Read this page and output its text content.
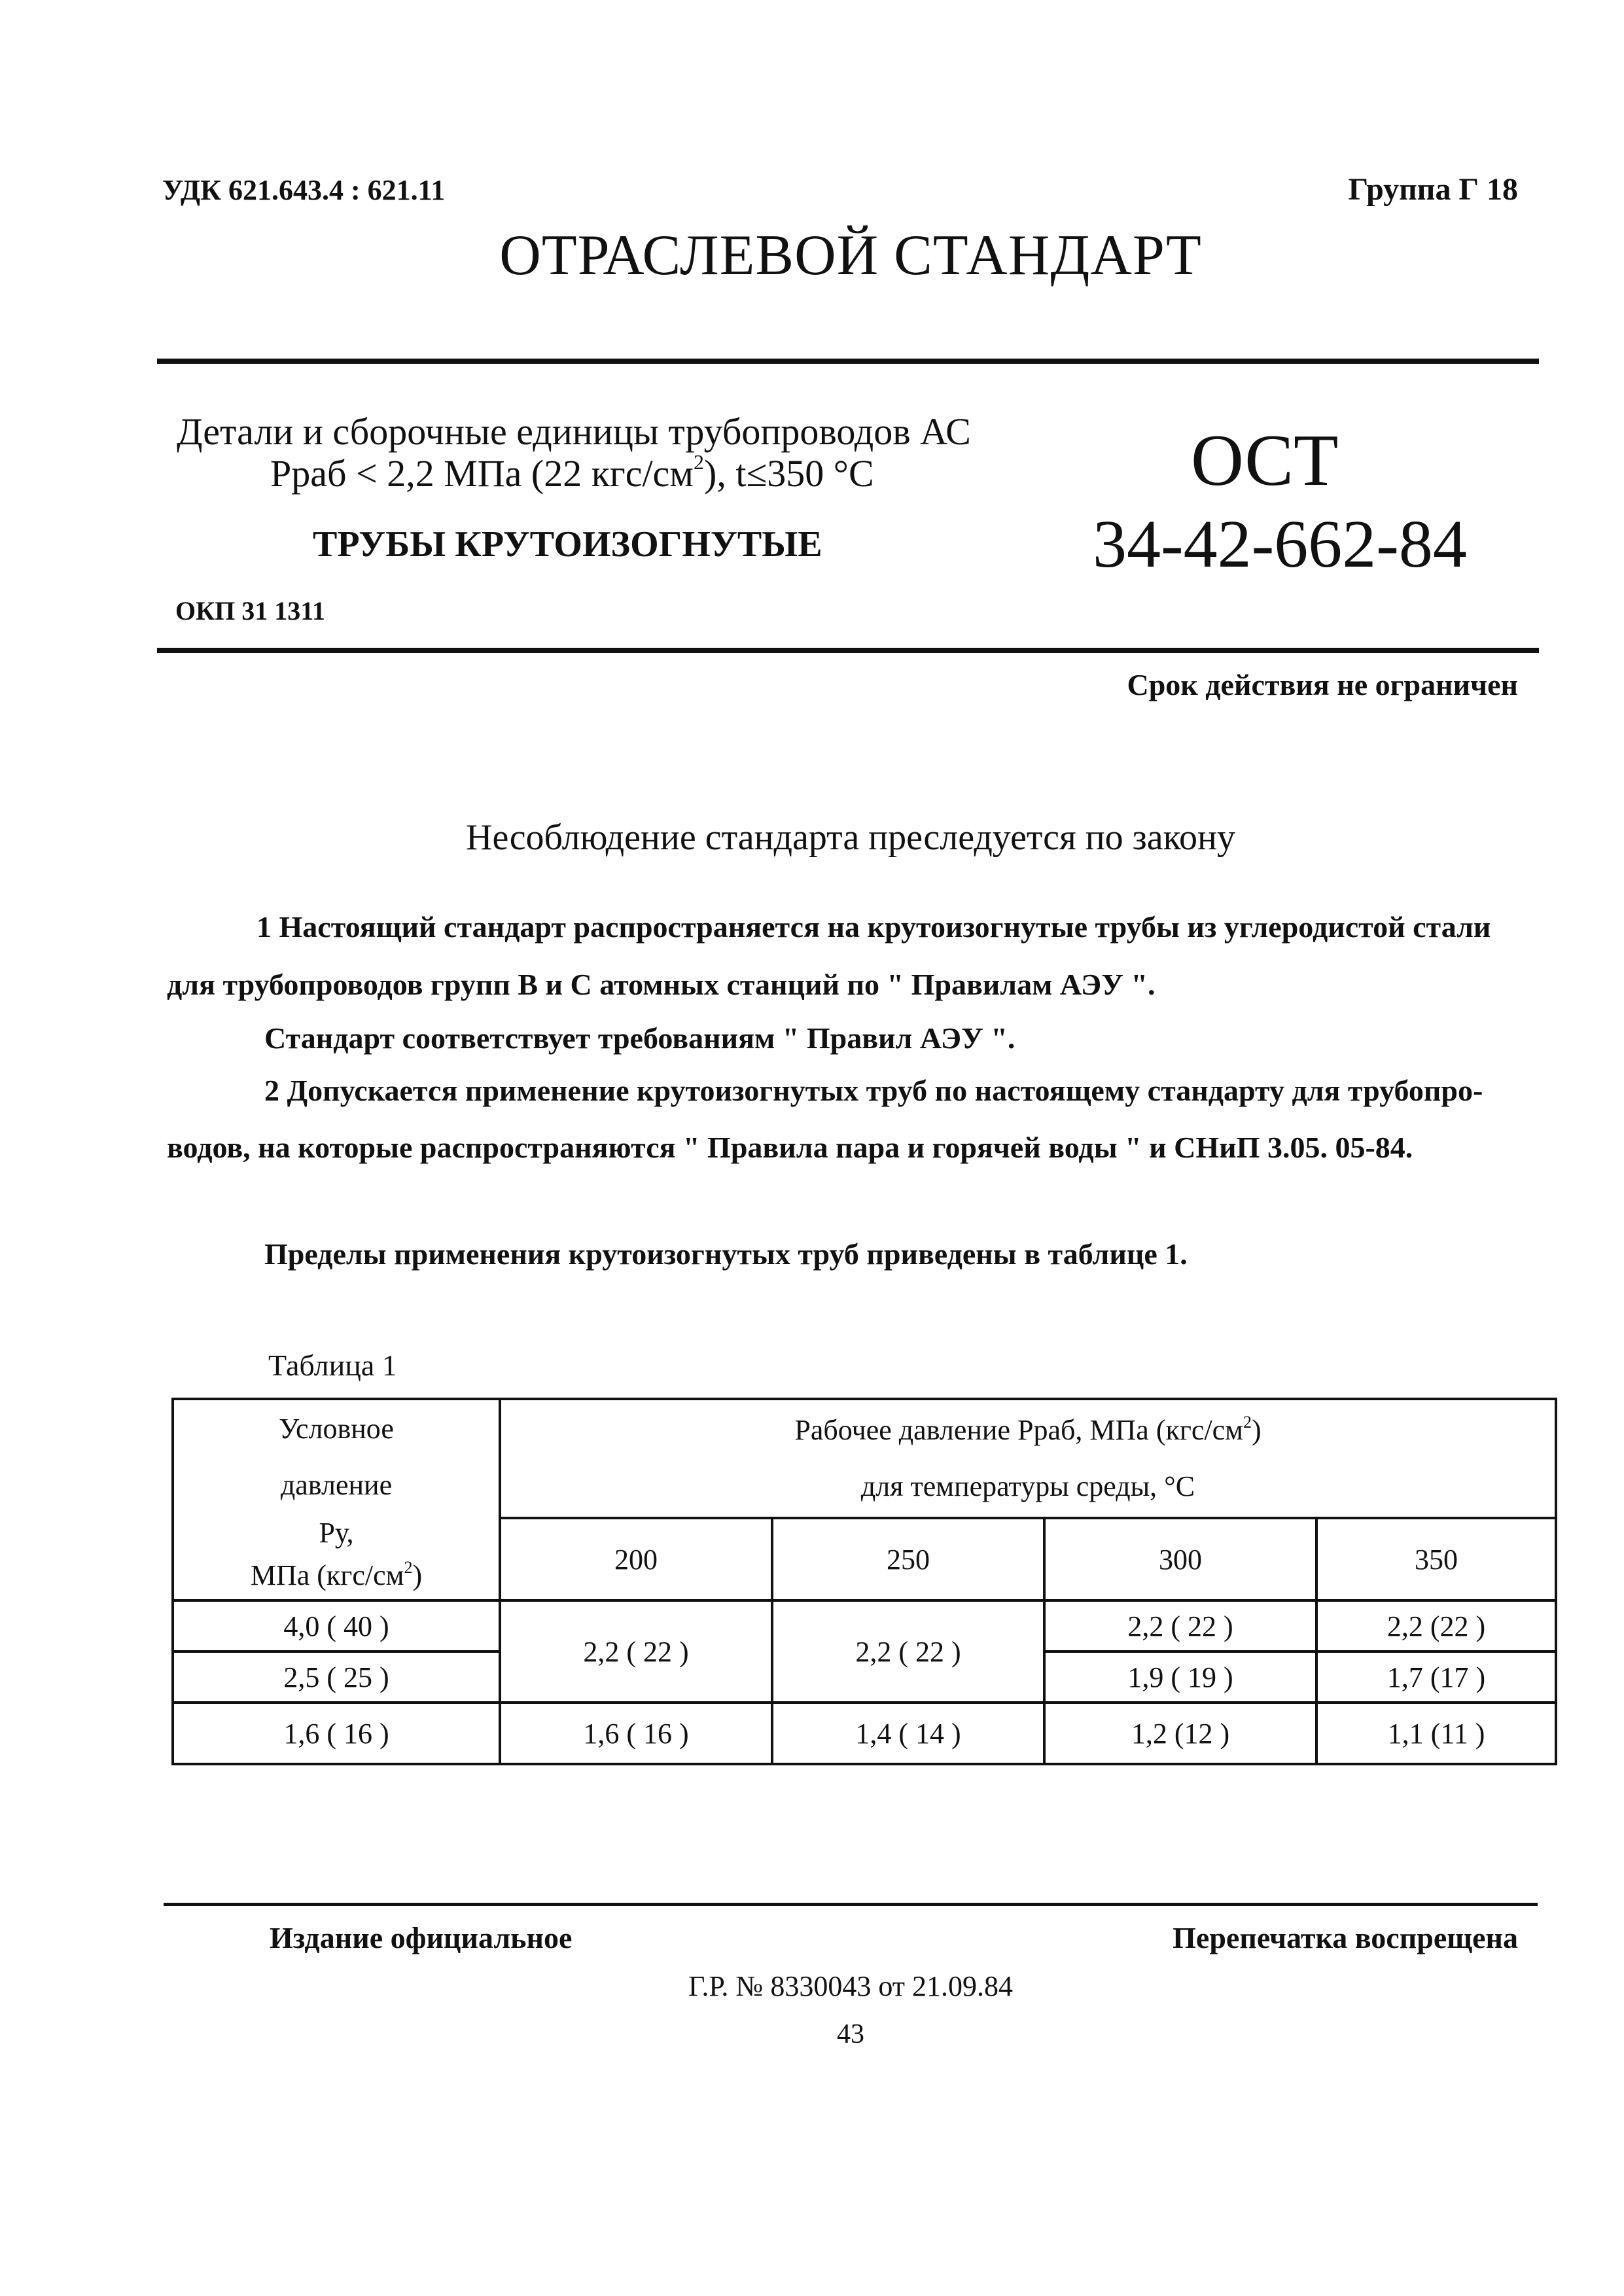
УДК 621.643.4 : 621.11	Группа Г 18
ОТРАСЛЕВОЙ СТАНДАРТ
Детали и сборочные единицы трубопроводов АС
Рраб < 2,2 МПа (22 кгс/$см^2$), t≤350 °С
ТРУБЫ КРУТОИЗОГНУТЫЕ
ОКП 31 1311
ОСТ
34-42-662-84
Срок действия не ограничен
Несоблюдение стандарта преследуется по закону
1 Настоящий стандарт распространяется на крутоизогнутые трубы из углеродистой стали
для трубопроводов групп В и С атомных станций по " Правилам АЭУ ".
Стандарт соответствует требованиям " Правил АЭУ ".
2 Допускается применение крутоизогнутых труб по настоящему стандарту для трубопро-
водов, на которые распространяются " Правила пара и горячей воды " и СНиП 3.05. 05-84.
Пределы применения крутоизогнутых труб приведены в таблице 1.
Таблица 1
Условное
давление
Ру,
МПа $(кгс/см^2)$	Рабочее давление Рраб, МПа $(кгс/см^2)$
для температуры среды, °С			

	200	250	300	350
4,0 ( 40 )	2,2 ( 22 )	2,2 ( 22 )	2,2 ( 22 )	2,2 (22 )
2,5 ( 25 )			1,9 ( 19 )	1,7 (17 )
1,6 ( 16 )	1,6 ( 16 )	1,4 ( 14 )	1,2 (12 )	1,1 (11 )
Издание официальное	Перепечатка воспрещена
Г.Р. № 8330043 от 21.09.84
43
